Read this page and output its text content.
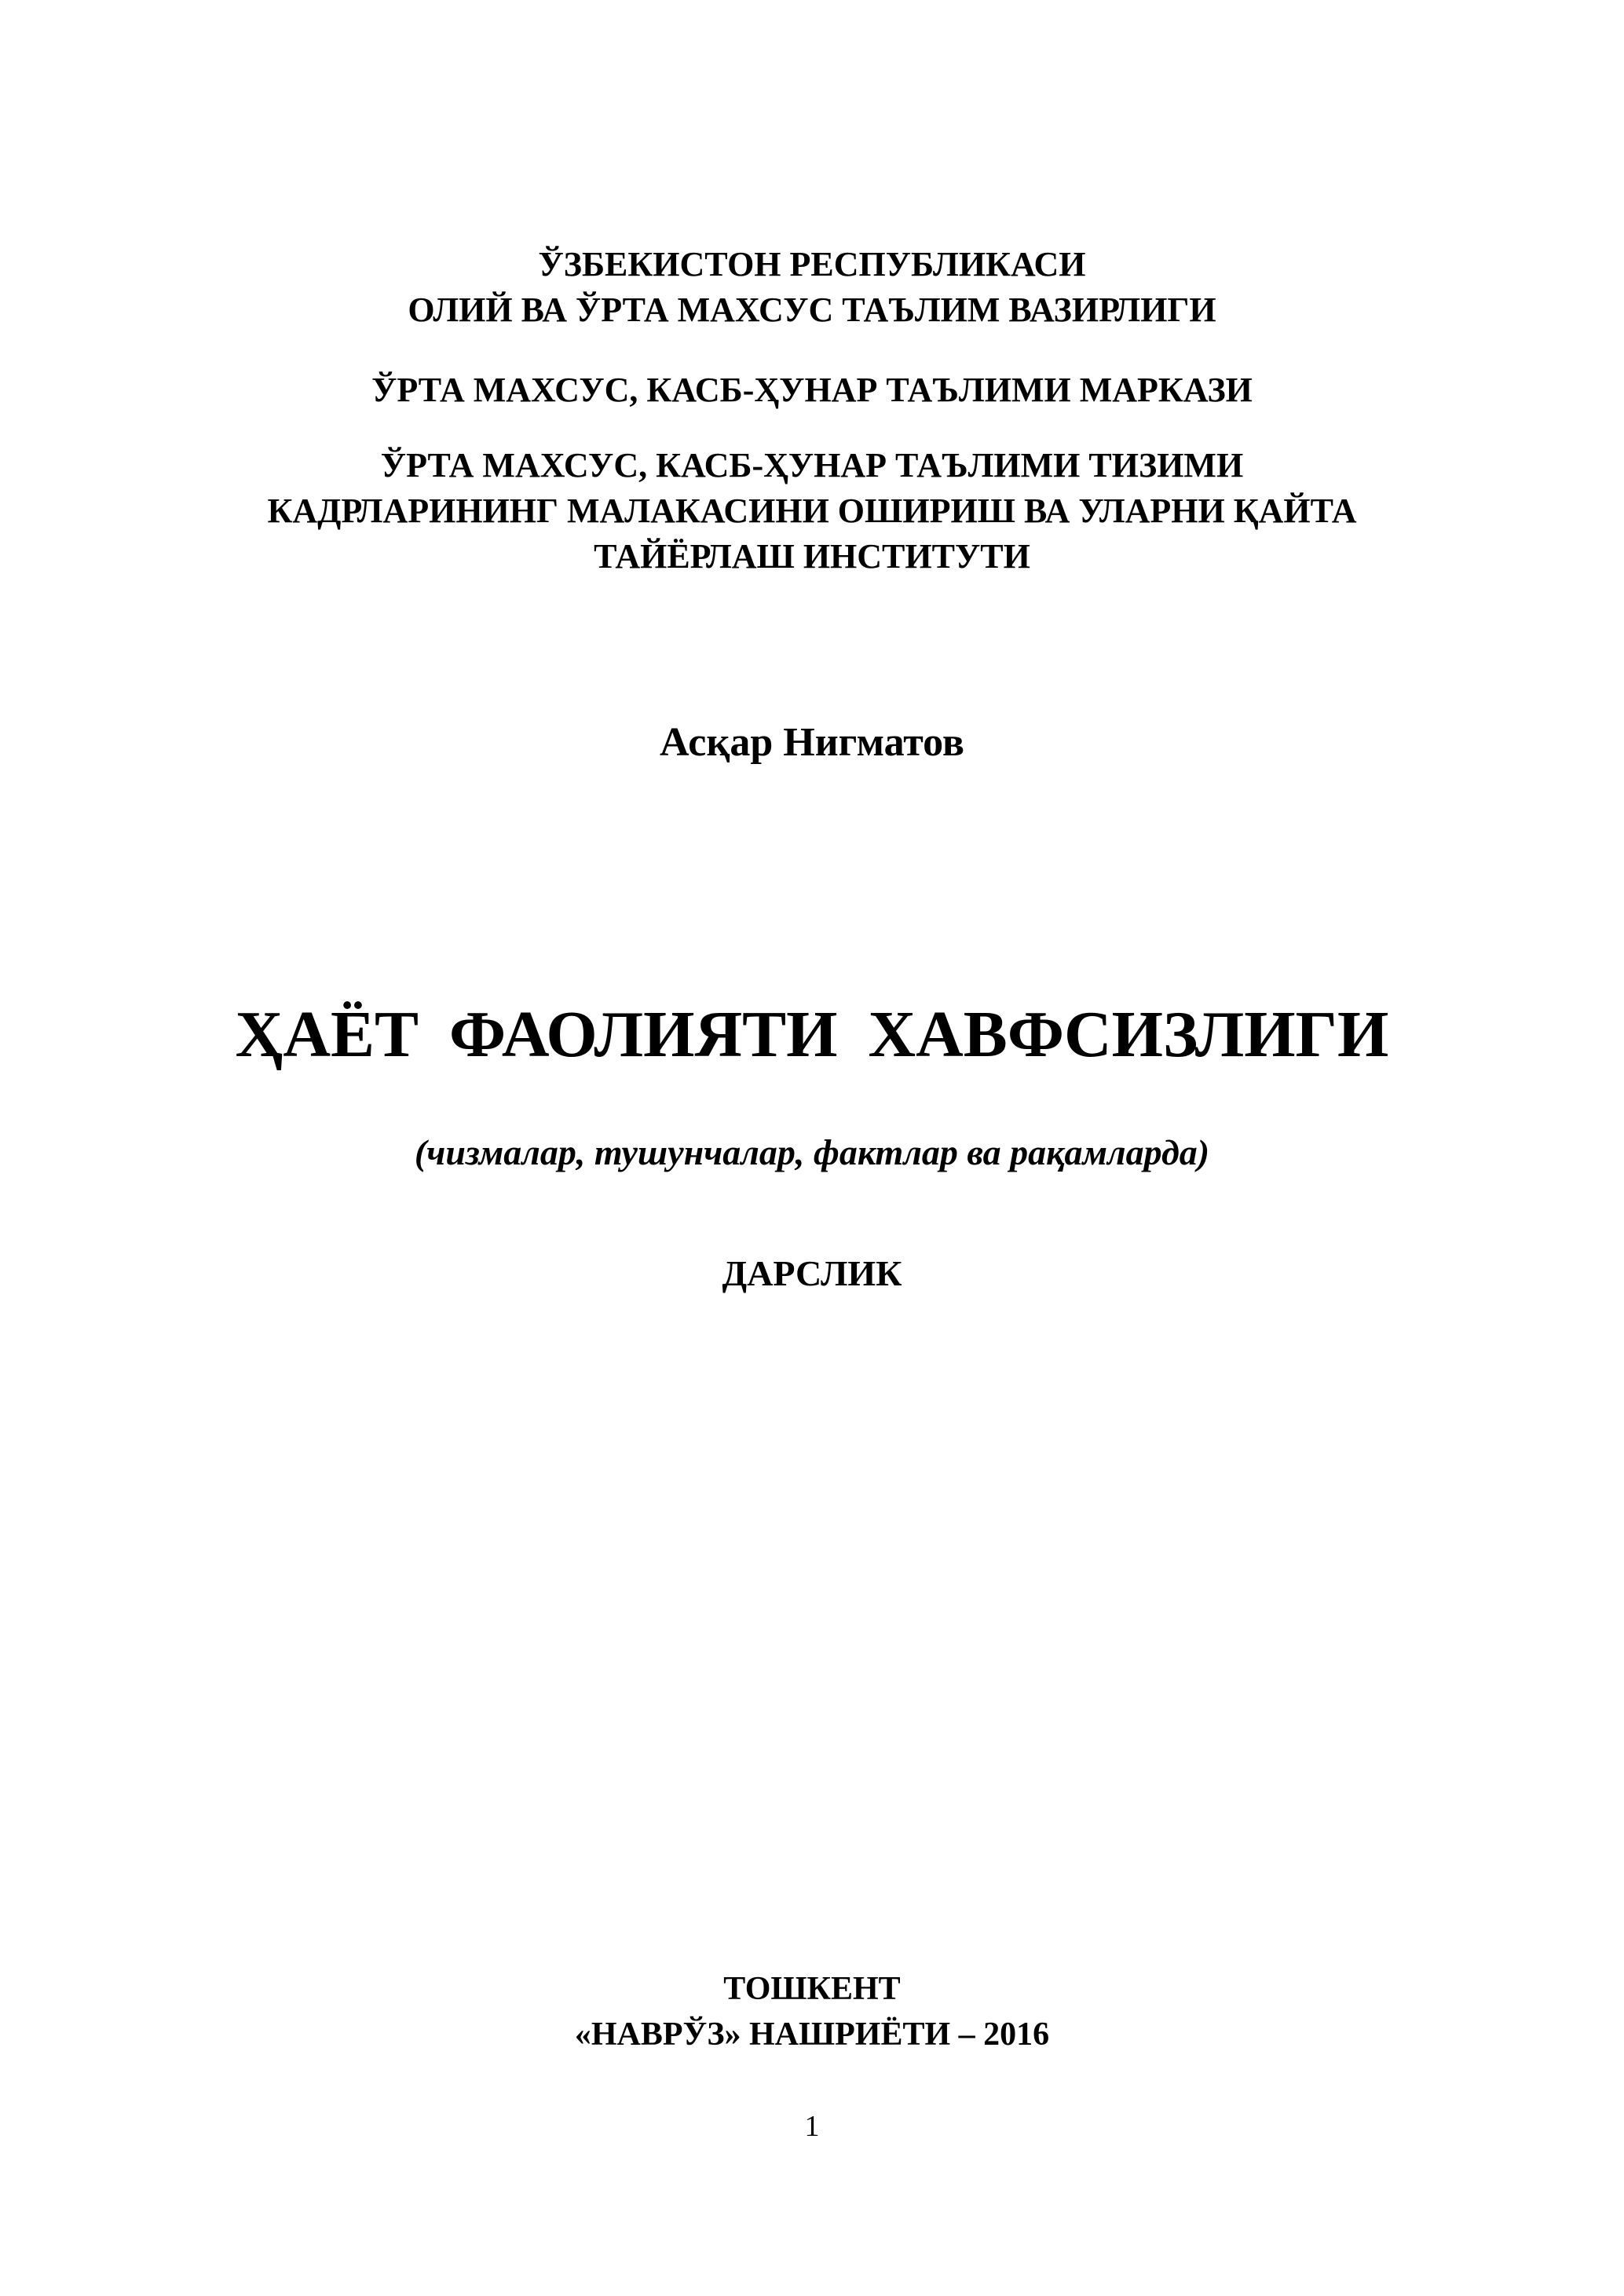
ЎЗБЕКИСТОН РЕСПУБЛИКАСИ
ОЛИЙ ВА ЎРТА МАХСУС ТАЪЛИМ ВАЗИРЛИГИ
ЎРТА МАХСУС, КАСБ-ҲУНАР ТАЪЛИМИ МАРКАЗИ
ЎРТА МАХСУС, КАСБ-ҲУНАР ТАЪЛИМИ ТИЗИМИ
КАДРЛАРИНИНГ МАЛАКАСИНИ ОШИРИШ ВА УЛАРНИ ҚАЙТА
ТАЙЁРЛАШ ИНСТИТУТИ
Асқар Нигматов
ҲАЁТ ФАОЛИЯТИ ХАВФСИЗЛИГИ
(чизмалар, тушунчалар, фактлар ва рақамларда)
ДАРСЛИК
ТОШКЕНТ
«НАВРЎЗ» НАШРИЁТИ – 2016
1
